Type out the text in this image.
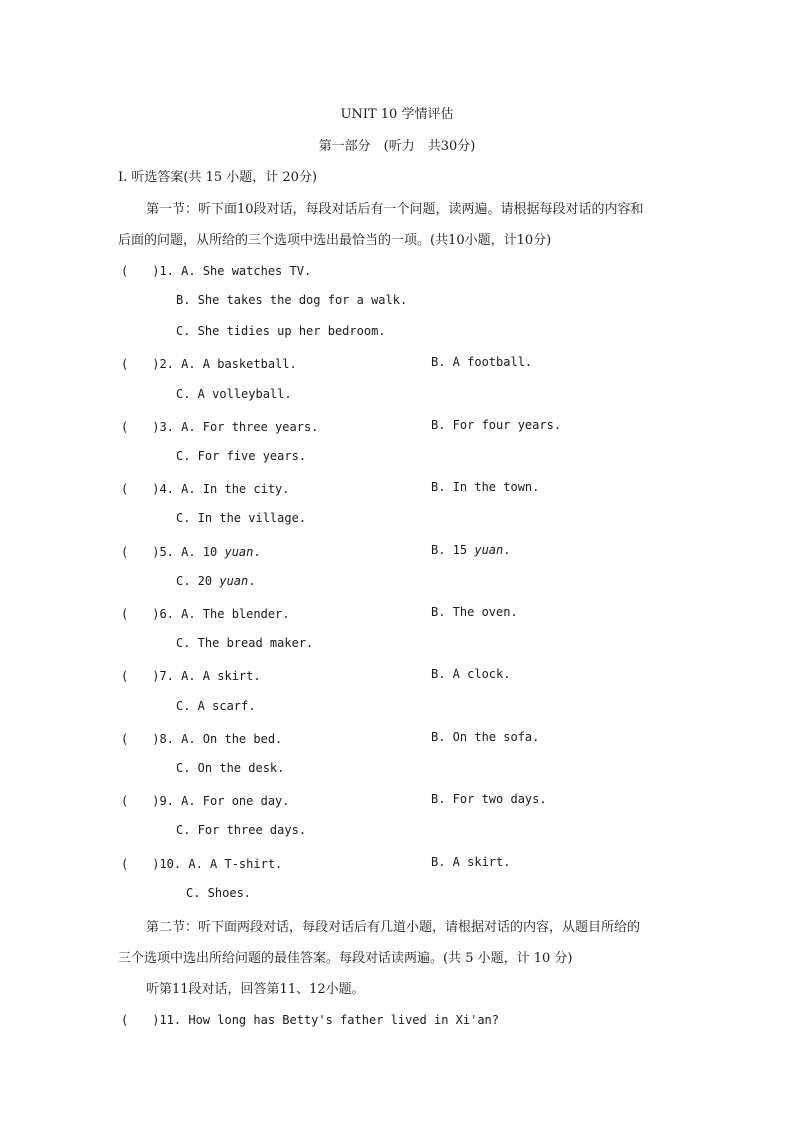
UNIT 10 学情评估
第一部分　(听力　共30分)
Ⅰ. 听选答案(共 15 小题，计 20分)
第一节：听下面10段对话，每段对话后有一个问题，读两遍。请根据每段对话的内容和
后面的问题，从所给的三个选项中选出最恰当的一项。(共10小题，计10分)
(　　)1. A. She watches TV.
B. She takes the dog for a walk.
C. She tidies up her bedroom.
(　　)2. A. A basketball.	B. A football.
C. A volleyball.
(　　)3. A. For three years.	B. For four years.
C. For five years.
(　　)4. A. In the city.	B. In the town.
C. In the village.
(　　)5. A. 10 yuan.	B. 15 yuan.
C. 20 yuan.
(　　)6. A. The blender.	B. The oven.
C. The bread maker.
(　　)7. A. A skirt.	B. A clock.
C. A scarf.
(　　)8. A. On the bed.	B. On the sofa.
C. On the desk.
(　　)9. A. For one day.	B. For two days.
C. For three days.
(　　)10. A. A T-shirt.	B. A skirt.
C. Shoes.
第二节：听下面两段对话，每段对话后有几道小题，请根据对话的内容，从题目所给的
三个选项中选出所给问题的最佳答案。每段对话读两遍。(共 5 小题，计 10 分)
听第11段对话，回答第11、12小题。
(　　)11. How long has Betty's father lived in Xi'an?
